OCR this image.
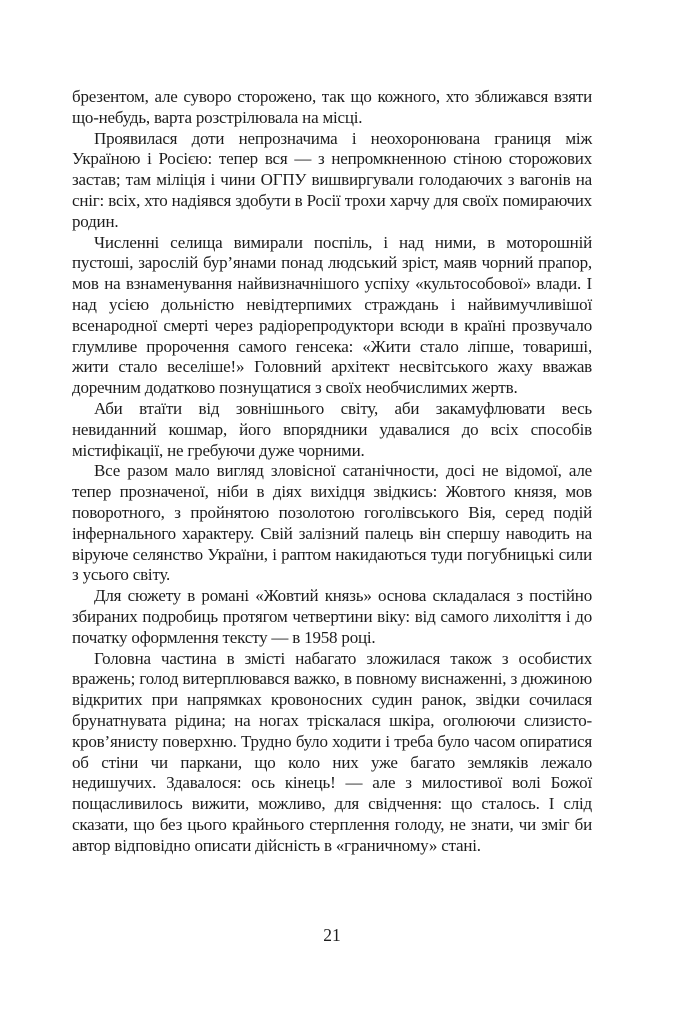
брезентом, але суворо сторожено, так що кожного, хто зближався взяти що-небудь, варта розстрілювала на місці.

Проявилася доти непрозначима і неохоронювана границя між Україною і Росією: тепер вся — з непромкненною стіною сторожових застав; там міліція і чини ОГПУ вишвиргували голодаючих з вагонів на сніг: всіх, хто надіявся здобути в Росії трохи харчу для своїх помираючих родин.

Численні селища вимирали поспіль, і над ними, в моторошній пустоші, зарослій бур’янами понад людський зріст, маяв чорний прапор, мов на взнаменування найвизначнішого успіху «культособової» влади. І над усією дольністю невідтерпимих страждань і найвимучливішої всенародної смерті через радіорепродуктори всюди в країні прозвучало глумливе пророчення самого генсека: «Жити стало ліпше, товариші, жити стало веселіше!» Головний архітект несвітського жаху вважав доречним додатково познущатися з своїх необчислимих жертв.

Аби втаїти від зовнішнього світу, аби закамуфлювати весь невиданний кошмар, його впорядники удавалися до всіх способів містифікації, не гребуючи дуже чорними.

Все разом мало вигляд зловісної сатанічности, досі не відомої, але тепер прозначеної, ніби в діях вихідця звідкись: Жовтого князя, мов поворотного, з пройнятою позолотою гоголівського Вія, серед подій інфернального характеру. Свій залізний палець він спершу наводить на віруюче селянство України, і раптом накидаються туди погубницькі сили з усього світу.

Для сюжету в романі «Жовтий князь» основа складалася з постійно збираних подробиць протягом четвертини віку: від самого лихоліття і до початку оформлення тексту — в 1958 році.

Головна частина в змісті набагато зложилася також з особистих вражень; голод витерплювався важко, в повному виснаженні, з дюжиною відкритих при напрямках кровоносних судин ранок, звідки сочилася брунатнувата рідина; на ногах тріскалася шкіра, оголюючи слизисто-кров’янисту поверхню. Трудно було ходити і треба було часом опиратися об стіни чи паркани, що коло них уже багато земляків лежало недишучих. Здавалося: ось кінець! — але з милостивої волі Божої пощасливилось вижити, можливо, для свідчення: що сталось. І слід сказати, що без цього крайнього стерплення голоду, не знати, чи зміг би автор відповідно описати дійсність в «граничному» стані.

21
